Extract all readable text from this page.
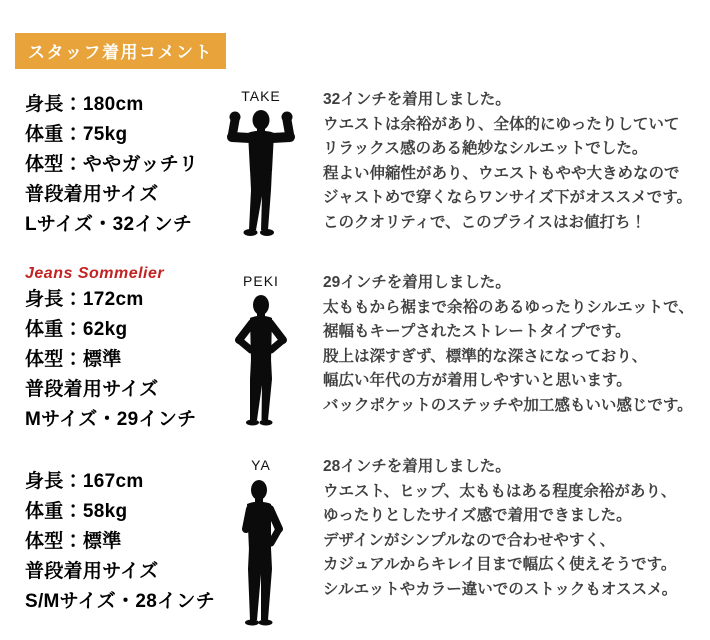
スタッフ着用コメント
身長：180cm
体重：75kg
体型：ややガッチリ
普段着用サイズ
Lサイズ・32インチ
TAKE	32インチを着用しました。
ウエストは余裕があり、全体的にゆったりしていて
リラックス感のある絶妙なシルエットでした。
程よい伸縮性があり、ウエストもやや大きめなので
ジャストめで穿くならワンサイズ下がオススメです。
このクオリティで、このプライスはお値打ち！
Jeans Sommelier
身長：172cm
体重：62kg
体型：標準
普段着用サイズ
Mサイズ・29インチ
PEKI	29インチを着用しました。
太ももから裾まで余裕のあるゆったりシルエットで、
裾幅もキープされたストレートタイプです。
股上は深すぎず、標準的な深さになっており、
幅広い年代の方が着用しやすいと思います。
バックポケットのステッチや加工感もいい感じです。
身長：167cm
体重：58kg
体型：標準
普段着用サイズ
S/Mサイズ・28インチ
YA	28インチを着用しました。
ウエスト、ヒップ、太ももはある程度余裕があり、
ゆったりとしたサイズ感で着用できました。
デザインがシンプルなので合わせやすく、
カジュアルからキレイ目まで幅広く使えそうです。
シルエットやカラー違いでのストックもオススメ。
